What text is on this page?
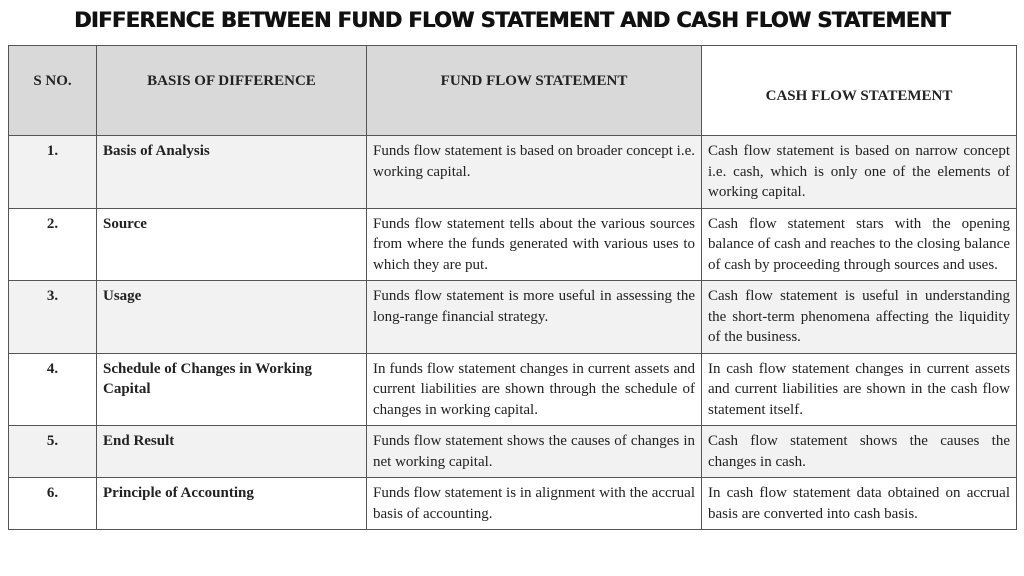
DIFFERENCE BETWEEN FUND FLOW STATEMENT AND CASH FLOW STATEMENT
S NO.	BASIS OF DIFFERENCE	FUND FLOW STATEMENT	CASH FLOW STATEMENT
1.	Basis of Analysis	Funds flow statement is based on broader concept i.e. working capital.	Cash flow statement is based on narrow concept i.e. cash, which is only one of the elements of working capital.
2.	Source	Funds flow statement tells about the various sources from where the funds generated with various uses to which they are put.	Cash flow statement stars with the opening balance of cash and reaches to the closing balance of cash by proceeding through sources and uses.
3.	Usage	Funds flow statement is more useful in assessing the long-range financial strategy.	Cash flow statement is useful in understanding the short-term phenomena affecting the liquidity of the business.
4.	Schedule of Changes in Working Capital	In funds flow statement changes in current assets and current liabilities are shown through the schedule of changes in working capital.	In cash flow statement changes in current assets and current liabilities are shown in the cash flow statement itself.
5.	End Result	Funds flow statement shows the causes of changes in net working capital.	Cash flow statement shows the causes the changes in cash.
6.	Principle of Accounting	Funds flow statement is in alignment with the accrual basis of accounting.	In cash flow statement data obtained on accrual basis are converted into cash basis.
